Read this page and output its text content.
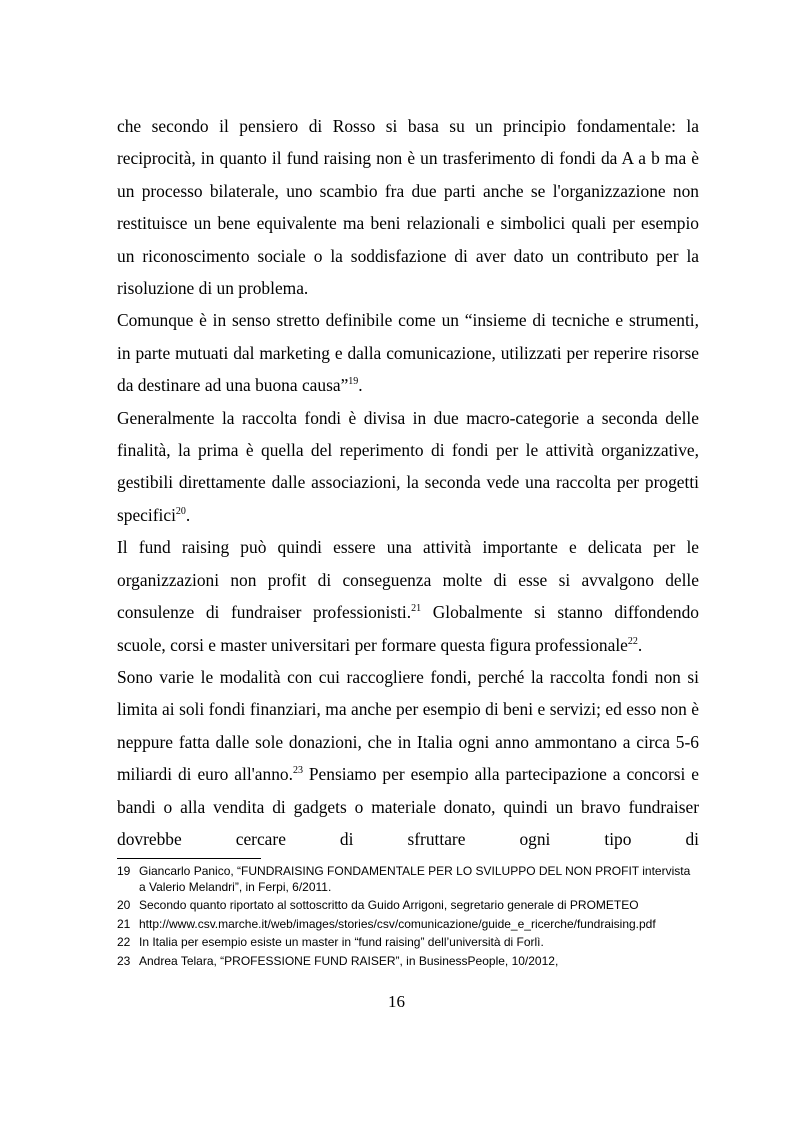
che secondo il pensiero di Rosso si basa su un principio fondamentale: la reciprocità, in quanto il fund raising non è un trasferimento di fondi da A a b ma è un processo bilaterale, uno scambio fra due parti anche se l'organizzazione non restituisce un bene equivalente ma beni relazionali e simbolici quali per esempio un riconoscimento sociale o la soddisfazione di aver dato un contributo per la risoluzione di un problema.

Comunque è in senso stretto definibile come un “insieme di tecniche e strumenti, in parte mutuati dal marketing e dalla comunicazione, utilizzati per reperire risorse da destinare ad una buona causa”$^{19}$.

Generalmente la raccolta fondi è divisa in due macro-categorie a seconda delle finalità, la prima è quella del reperimento di fondi per le attività organizzative, gestibili direttamente dalle associazioni, la seconda vede una raccolta per progetti specifici$^{20}$.

Il fund raising può quindi essere una attività importante e delicata per le organizzazioni non profit di conseguenza molte di esse si avvalgono delle consulenze di fundraiser professionisti.$^{21}$ Globalmente si stanno diffondendo scuole, corsi e master universitari per formare questa figura professionale$^{22}$.

Sono varie le modalità con cui raccogliere fondi, perché la raccolta fondi non si limita ai soli fondi finanziari, ma anche per esempio di beni e servizi; ed esso non è neppure fatta dalle sole donazioni, che in Italia ogni anno ammontano a circa 5-6 miliardi di euro all'anno.$^{23}$ Pensiamo per esempio alla partecipazione a concorsi e bandi o alla vendita di gadgets o materiale donato, quindi un bravo fundraiser dovrebbe cercare di sfruttare ogni tipo di

19 Giancarlo Panico, “FUNDRAISING FONDAMENTALE PER LO SVILUPPO DEL NON PROFIT intervista a Valerio Melandri”, in Ferpi, 6/2011.
20 Secondo quanto riportato al sottoscritto da Guido Arrigoni, segretario generale di PROMETEO
21 http://www.csv.marche.it/web/images/stories/csv/comunicazione/guide_e_ricerche/fundraising.pdf
22 In Italia per esempio esiste un master in “fund raising” dell’università di Forlì.
23 Andrea Telara, “PROFESSIONE FUND RAISER”, in BusinessPeople, 10/2012,
16
